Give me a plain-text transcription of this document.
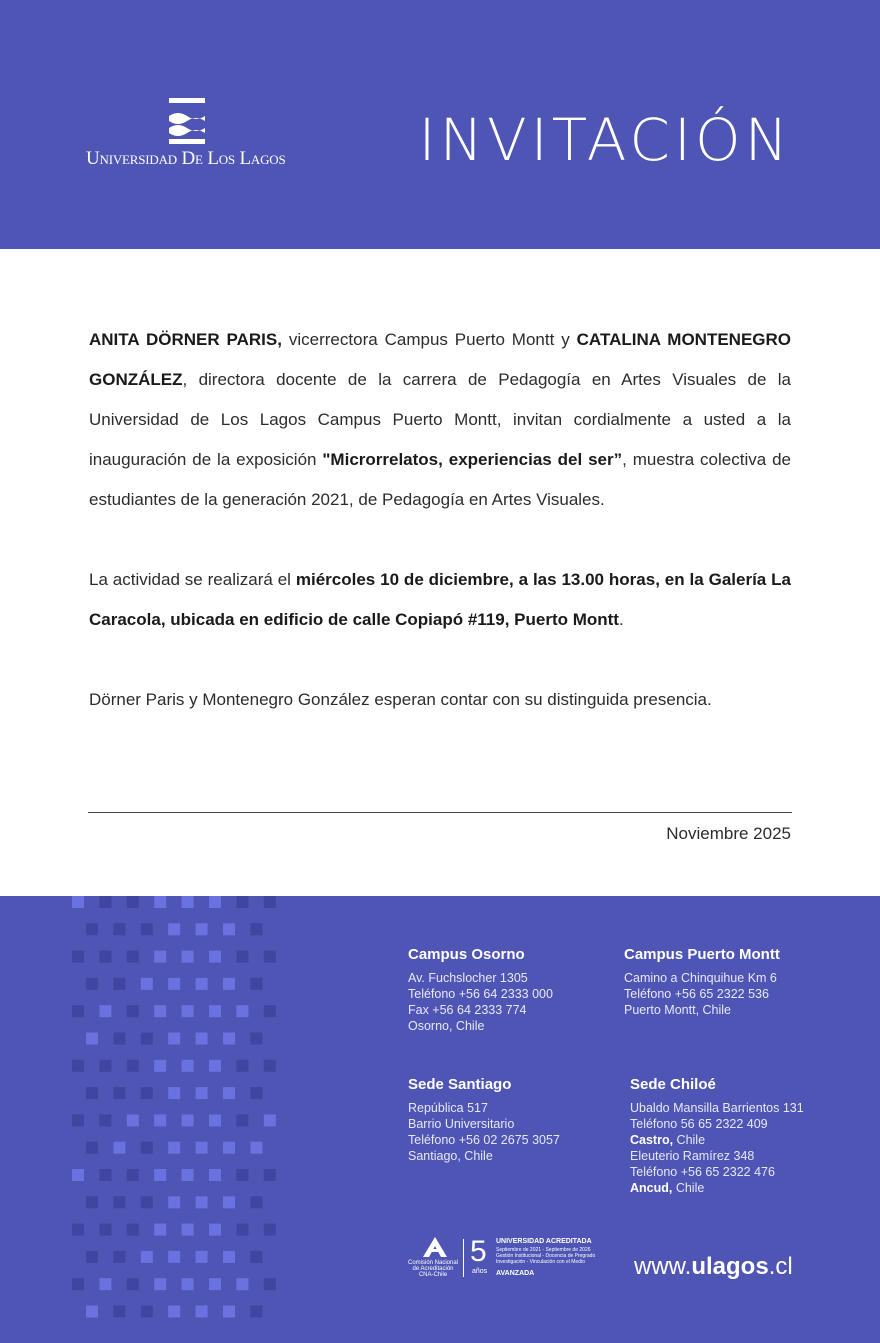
Universidad De Los Lagos INVITACIÓN

ANITA DÖRNER PARIS, vicerrectora Campus Puerto Montt y CATALINA MONTENEGRO GONZÁLEZ, directora docente de la carrera de Pedagogía en Artes Visuales de la Universidad de Los Lagos Campus Puerto Montt, invitan cordialmente a usted a la inauguración de la exposición "Microrrelatos, experiencias del ser”, muestra colectiva de estudiantes de la generación 2021, de Pedagogía en Artes Visuales.

La actividad se realizará el miércoles 10 de diciembre, a las 13.00 horas, en la Galería La Caracola, ubicada en edificio de calle Copiapó #119, Puerto Montt.

Dörner Paris y Montenegro González esperan contar con su distinguida presencia.

Noviembre 2025
Campus Osorno
Av. Fuchslocher 1305
Teléfono +56 64 2333 000
Fax +56 64 2333 774
Osorno, Chile
Campus Puerto Montt
Camino a Chinquihue Km 6
Teléfono +56 65 2322 536
Puerto Montt, Chile
Sede Santiago
República 517
Barrio Universitario
Teléfono +56 02 2675 3057
Santiago, Chile
Sede Chiloé
Ubaldo Mansilla Barrientos 131
Teléfono 56 65 2322 409
Castro, Chile
Eleuterio Ramírez 348
Teléfono +56 65 2322 476
Ancud, Chile
Comisión Nacional de Acreditación CNA-Chile
5
años
UNIVERSIDAD ACREDITADA
Septiembre de 2021 - Septiembre de 2026
Gestión Institucional - Docencia de Pregrado Investigación - Vinculación con el Medio
AVANZADA	www.ulagos.cl
